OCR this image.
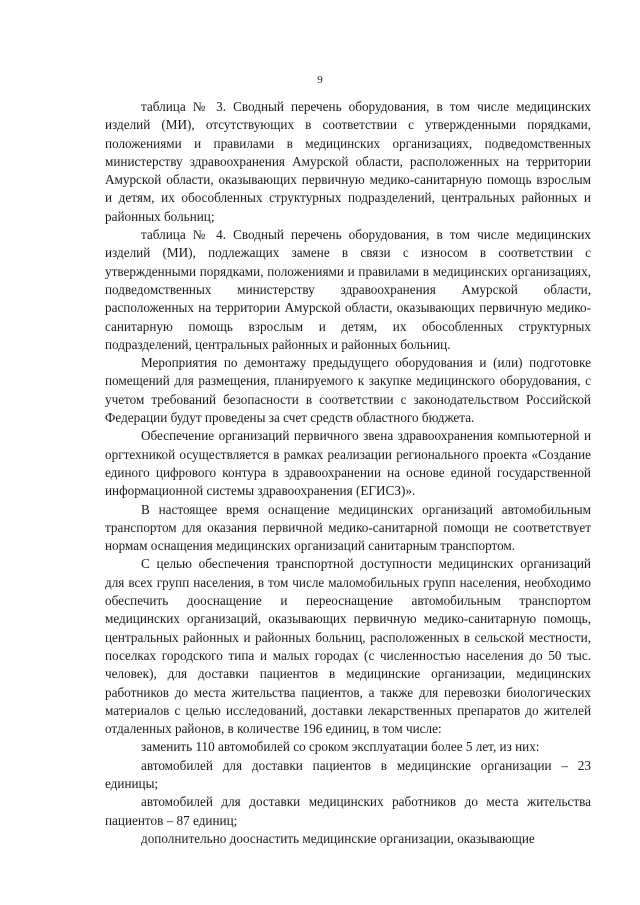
9

таблица № 3. Сводный перечень оборудования, в том числе медицинских изделий (МИ), отсутствующих в соответствии с утвержденными порядками, положениями и правилами в медицинских организациях, подведомственных министерству здравоохранения Амурской области, расположенных на территории Амурской области, оказывающих первичную медико-санитарную помощь взрослым и детям, их обособленных структурных подразделений, центральных районных и районных больниц;

таблица № 4. Сводный перечень оборудования, в том числе медицинских изделий (МИ), подлежащих замене в связи с износом в соответствии с утвержденными порядками, положениями и правилами в медицинских организациях, подведомственных министерству здравоохранения Амурской области, расположенных на территории Амурской области, оказывающих первичную медико-санитарную помощь взрослым и детям, их обособленных структурных подразделений, центральных районных и районных больниц.

Мероприятия по демонтажу предыдущего оборудования и (или) подготовке помещений для размещения, планируемого к закупке медицинского оборудования, с учетом требований безопасности в соответствии с законодательством Российской Федерации будут проведены за счет средств областного бюджета.

Обеспечение организаций первичного звена здравоохранения компьютерной и оргтехникой осуществляется в рамках реализации регионального проекта «Создание единого цифрового контура в здравоохранении на основе единой государственной информационной системы здравоохранения (ЕГИСЗ)».

В настоящее время оснащение медицинских организаций автомобильным транспортом для оказания первичной медико-санитарной помощи не соответствует нормам оснащения медицинских организаций санитарным транспортом.

С целью обеспечения транспортной доступности медицинских организаций для всех групп населения, в том числе маломобильных групп населения, необходимо обеспечить дооснащение и переоснащение автомобильным транспортом медицинских организаций, оказывающих первичную медико-санитарную помощь, центральных районных и районных больниц, расположенных в сельской местности, поселках городского типа и малых городах (с численностью населения до 50 тыс. человек), для доставки пациентов в медицинские организации, медицинских работников до места жительства пациентов, а также для перевозки биологических материалов с целью исследований, доставки лекарственных препаратов до жителей отдаленных районов, в количестве 196 единиц, в том числе:

заменить 110 автомобилей со сроком эксплуатации более 5 лет, из них:

автомобилей для доставки пациентов в медицинские организации – 23 единицы;

автомобилей для доставки медицинских работников до места жительства пациентов – 87 единиц;

дополнительно дооснастить медицинские организации, оказывающие
